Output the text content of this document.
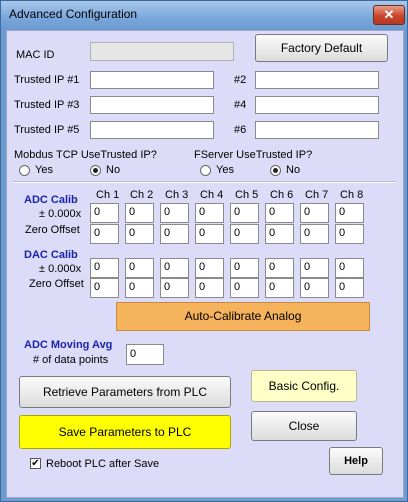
Advanced Configuration	✕
MAC ID	Factory Default
Trusted IP #1	#2
Trusted IP #3	#4
Trusted IP #5	#6
Mobdus TCP UseTrusted IP?
Yes	No
FServer UseTrusted IP?
Yes	No
Ch 1 Ch 2 Ch 3 Ch 4 Ch 5 Ch 6 Ch 7 Ch 8
ADC Calib
± 0.000x
Zero Offset
0	0	0	0	0	0	0	0
0	0	0	0	0	0	0	0
DAC Calib
± 0.000x
Zero Offset
0	0	0	0	0	0	0	0
0	0	0	0	0	0	0	0
Auto-Calibrate Analog
ADC Moving Avg
# of data points	0
Retrieve Parameters from PLC	Basic Config.
Save Parameters to PLC	Close
✔ Reboot PLC after Save	Help
